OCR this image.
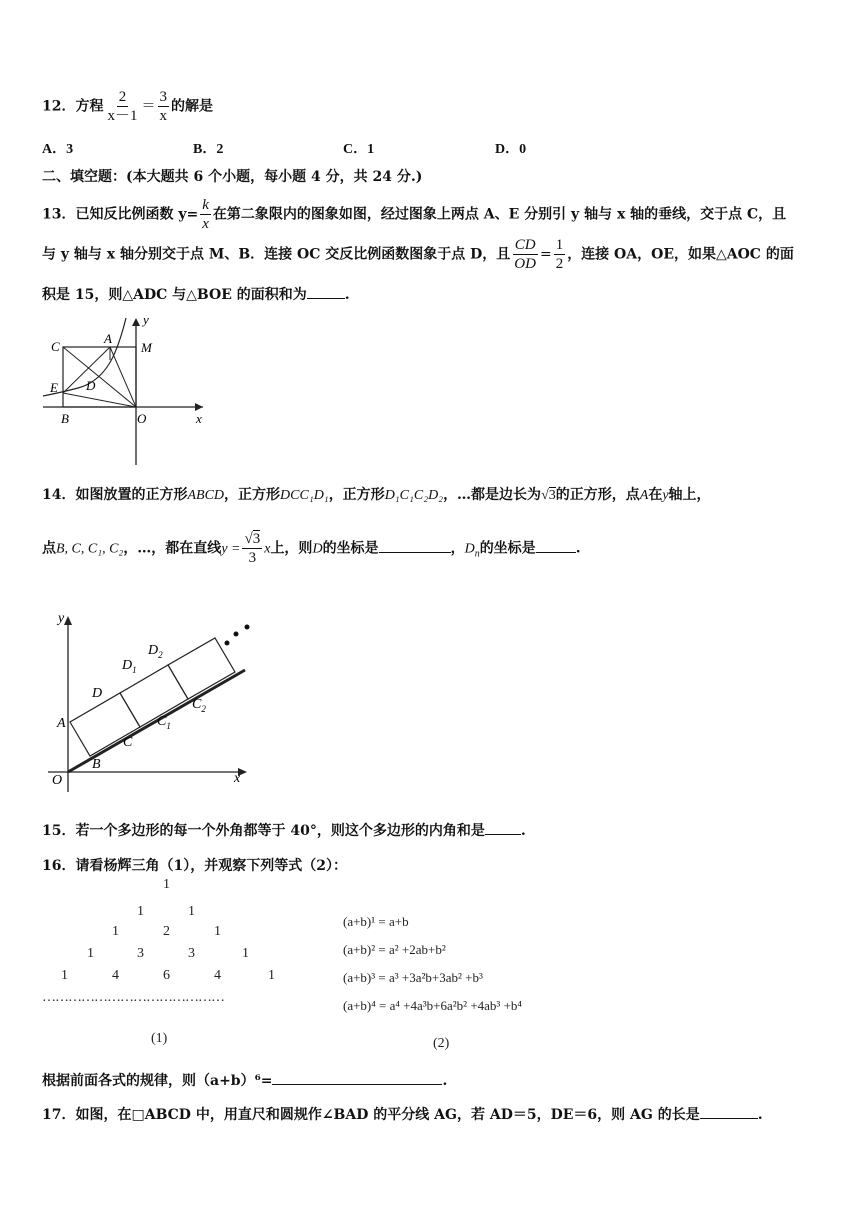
12．方程 $\frac{2}{x-1} = \frac{3}{x}$ 的解是
A．3	B．2	C．1	D．0
二、填空题：(本大题共 6 个小题，每小题 4 分，共 24 分.)
13．已知反比例函数 $y= \frac{k}{x}$ 在第二象限内的图象如图，经过图象上两点 A、E 分别引 y 轴与 x 轴的垂线，交于点 C，且
与 y 轴与 x 轴分别交于点 M、B．连接 OC 交反比例函数图象于点 D，且 $\frac{CD}{OD} = \frac{1}{2}$ ，连接 OA，OE，如果△AOC 的面
积是 15，则△ADC 与△BOE 的面积和为	.
y
x
C
A
M
E D
B	O
14．如图放置的正方形ABCD，正方形DCC₁D₁，正方形D₁C₁C₂D₂，…都是边长为√3的正方形，点A在y轴上，
点B, C, C₁, C₂，…，都在直线$y = \frac{√3}{3}$ x上，则D的坐标是	，$D_n$的坐标是	.
y
x
O
A
B
C
D
$C_1$
$D_1$
$C_2$
$D_2$
15．若一个多边形的每一个外角都等于 40°，则这个多边形的内角和是	.
16．请看杨辉三角（1），并观察下列等式（2）：
1
1	1
1	2	1
1	3	3	1
1	4	6	4	1
……………………………………
(1)	(2)
(a+b)¹ = a+b
(a+b)² = a² +2ab+b²
(a+b)³ = a³ +3a²b+3ab² +b³
(a+b)⁴ = a⁴ +4a³b+6a²b² +4ab³ +b⁴
根据前面各式的规律，则（a+b）⁶=	.
17．如图，在□ABCD 中，用直尺和圆规作∠BAD 的平分线 AG，若 AD＝5，DE＝6，则 AG 的长是	.
